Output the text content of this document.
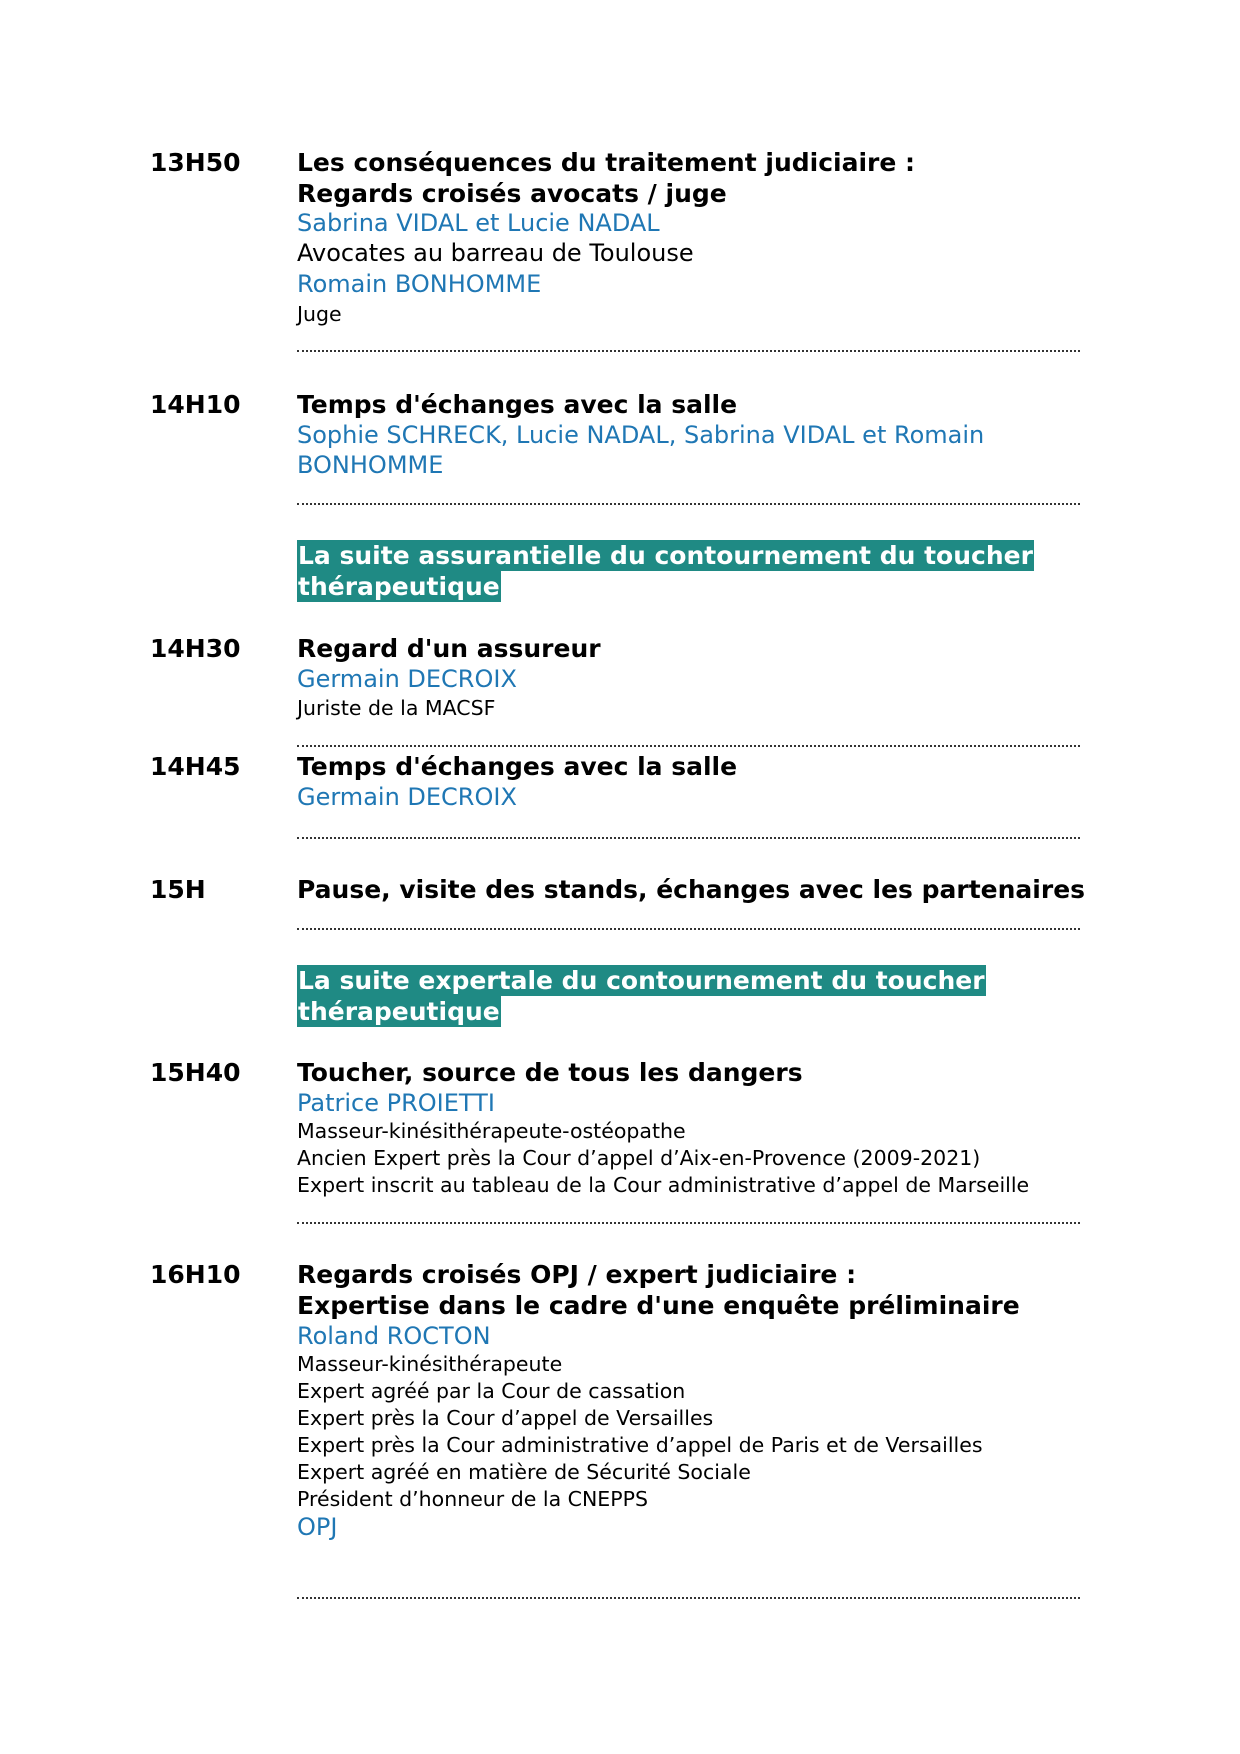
13H50 Les conséquences du traitement judiciaire :
Regards croisés avocats / juge
Sabrina VIDAL et Lucie NADAL
Avocates au barreau de Toulouse
Romain BONHOMME
Juge
14H10 Temps d'échanges avec la salle
Sophie SCHRECK, Lucie NADAL, Sabrina VIDAL et Romain
BONHOMME
La suite assurantielle du contournement du toucher
thérapeutique
14H30 Regard d'un assureur
Germain DECROIX
Juriste de la MACSF
14H45 Temps d'échanges avec la salle
Germain DECROIX
15H	Pause, visite des stands, échanges avec les partenaires
La suite expertale du contournement du toucher
thérapeutique
15H40 Toucher, source de tous les dangers
Patrice PROIETTI
Masseur-kinésithérapeute-ostéopathe
Ancien Expert près la Cour d’appel d’Aix-en-Provence (2009-2021)
Expert inscrit au tableau de la Cour administrative d’appel de Marseille
16H10 Regards croisés OPJ / expert judiciaire :
Expertise dans le cadre d'une enquête préliminaire
Roland ROCTON
Masseur-kinésithérapeute
Expert agréé par la Cour de cassation
Expert près la Cour d’appel de Versailles
Expert près la Cour administrative d’appel de Paris et de Versailles
Expert agréé en matière de Sécurité Sociale
Président d’honneur de la CNEPPS
OPJ
